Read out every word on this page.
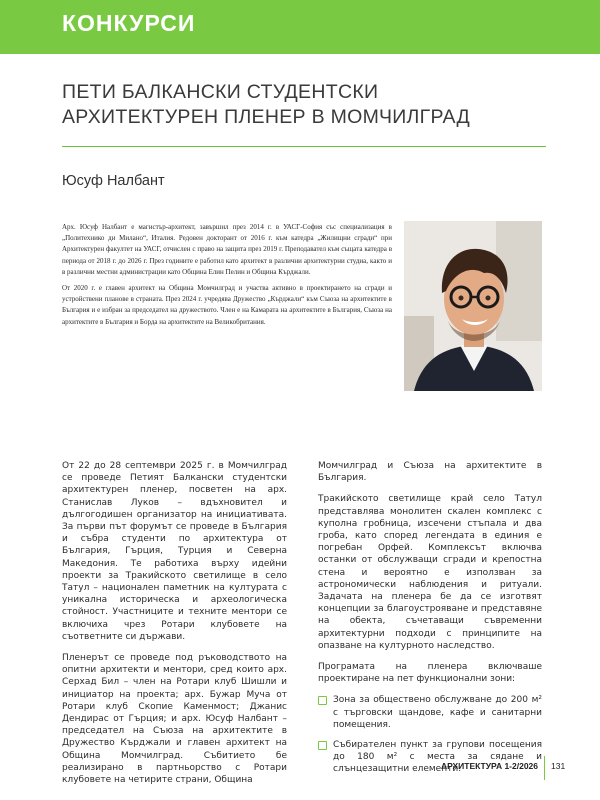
КОНКУРСИ
ПЕТИ БАЛКАНСКИ СТУДЕНТСКИ
АРХИТЕКТУРЕН ПЛЕНЕР В МОМЧИЛГРАД

Юсуф Налбант

Арх. Юсуф Налбант е магистър-архитект, завършил през 2014 г. в УАСГ-София със специализация в „Политехнико ди Милано“, Италия. Редовен докторант от 2016 г. към катедра „Жилищни сгради“ при Архитектурен факултет на УАСГ, отчислен с право на защита през 2019 г. Преподавател към същата катедра в периода от 2018 г. до 2026 г. През годините е работил като архитект в различни архитектурни студиа, както и в различни местни администрации като Община Елин Пелин и Община Кърджали.

От 2020 г. е главен архитект на Община Момчилград и участва активно в проектирането на сгради и устройствени планове в страната. През 2024 г. учредява Дружество „Кърджали“ към Съюза на архитектите в България и е избран за председател на дружеството. Член е на Камарата на архитектите в България, Съюза на архитектите в България и Борда на архитектите на Великобритания.

От 22 до 28 септември 2025 г. в Момчилград се проведе Петият Балкански студентски архитектурен пленер, посветен на арх. Станислав Луков – вдъхновител и дългогодишен организатор на инициативата. За първи път форумът се проведе в България и събра студенти по архитектура от България, Гърция, Турция и Северна Македония. Те работиха върху идейни проекти за Тракийското светилище в село Татул – национален паметник на културата с уникална историческа и археологическа стойност. Участниците и техните ментори се включиха чрез Ротари клубовете на съответните си държави.

Пленерът се проведе под ръководството на опитни архитекти и ментори, сред които арх. Серхад Бил – член на Ротари клуб Шишли и инициатор на проекта; арх. Бужар Муча от Ротари клуб Скопие Каменмост; Джанис Дендирас от Гърция; и арх. Юсуф Налбант – председател на Съюза на архитектите в Дружество Кърджали и главен архитект на Община Момчилград. Събитието бе реализирано в партньорство с Ротари клубовете на четирите страни, Община

Момчилград и Съюза на архитектите в България.

Тракийското светилище край село Татул представлява монолитен скален комплекс с куполна гробница, изсечени стъпала и два гроба, като според легендата в единия е погребан Орфей. Комплексът включва останки от обслужващи сгради и крепостна стена и вероятно е използван за астрономически наблюдения и ритуали. Задачата на пленера бе да се изготвят концепции за благоустрояване и представяне на обекта, съчетаващи съвременни архитектурни подходи с принципите на опазване на културното наследство.

Програмата на пленера включваше проектиране на пет функционални зони:

Зона за обществено обслужване до 200 м² с търговски щандове, кафе и санитарни помещения.
Събирателен пункт за групови посещения до 180 м² с места за сядане и слънцезащитни елементи.
АРХИТЕКТУРА 1-2/2026 131
